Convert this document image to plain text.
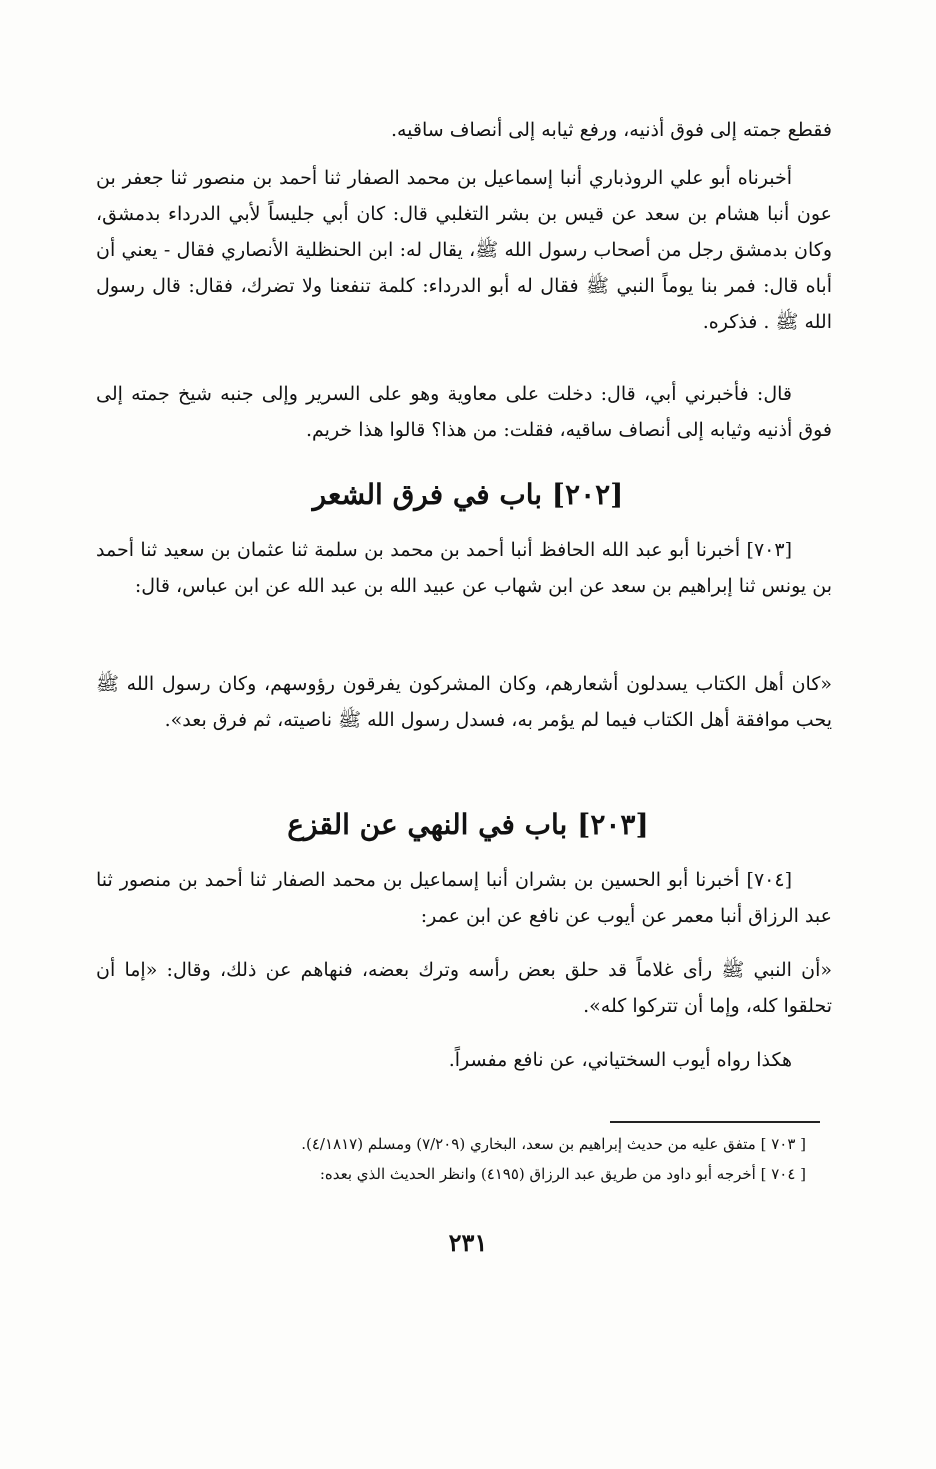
فقطع جمته إلى فوق أذنيه، ورفع ثيابه إلى أنصاف ساقيه.

أخبرناه أبو علي الروذباري أنبا إسماعيل بن محمد الصفار ثنا أحمد بن منصور ثنا جعفر بن عون أنبا هشام بن سعد عن قيس بن بشر التغلبي قال: كان أبي جليساً لأبي الدرداء بدمشق، وكان بدمشق رجل من أصحاب رسول الله ﷺ، يقال له: ابن الحنظلية الأنصاري فقال - يعني أن أباه قال: فمر بنا يوماً النبي ﷺ فقال له أبو الدرداء: كلمة تنفعنا ولا تضرك، فقال: قال رسول الله ﷺ . فذكره.

قال: فأخبرني أبي، قال: دخلت على معاوية وهو على السرير وإلى جنبه شيخ جمته إلى فوق أذنيه وثيابه إلى أنصاف ساقيه، فقلت: من هذا؟ قالوا هذا خريم.

[٢٠٢] باب في فرق الشعر

[٧٠٣] أخبرنا أبو عبد الله الحافظ أنبا أحمد بن محمد بن سلمة ثنا عثمان بن سعيد ثنا أحمد بن يونس ثنا إبراهيم بن سعد عن ابن شهاب عن عبيد الله بن عبد الله عن ابن عباس، قال:

«كان أهل الكتاب يسدلون أشعارهم، وكان المشركون يفرقون رؤوسهم، وكان رسول الله ﷺ يحب موافقة أهل الكتاب فيما لم يؤمر به، فسدل رسول الله ﷺ ناصيته، ثم فرق بعد».

[٢٠٣] باب في النهي عن القزع

[٧٠٤] أخبرنا أبو الحسين بن بشران أنبا إسماعيل بن محمد الصفار ثنا أحمد بن منصور ثنا عبد الرزاق أنبا معمر عن أيوب عن نافع عن ابن عمر:

«أن النبي ﷺ رأى غلاماً قد حلق بعض رأسه وترك بعضه، فنهاهم عن ذلك، وقال: «إما أن تحلقوا كله، وإما أن تتركوا كله».

هكذا رواه أيوب السختياني، عن نافع مفسراً.

[ ٧٠٣ ] متفق عليه من حديث إبراهيم بن سعد، البخاري (٧/٢٠٩) ومسلم (٤/١٨١٧).
[ ٧٠٤ ] أخرجه أبو داود من طريق عبد الرزاق (٤١٩٥) وانظر الحديث الذي بعده:
٢٣١
